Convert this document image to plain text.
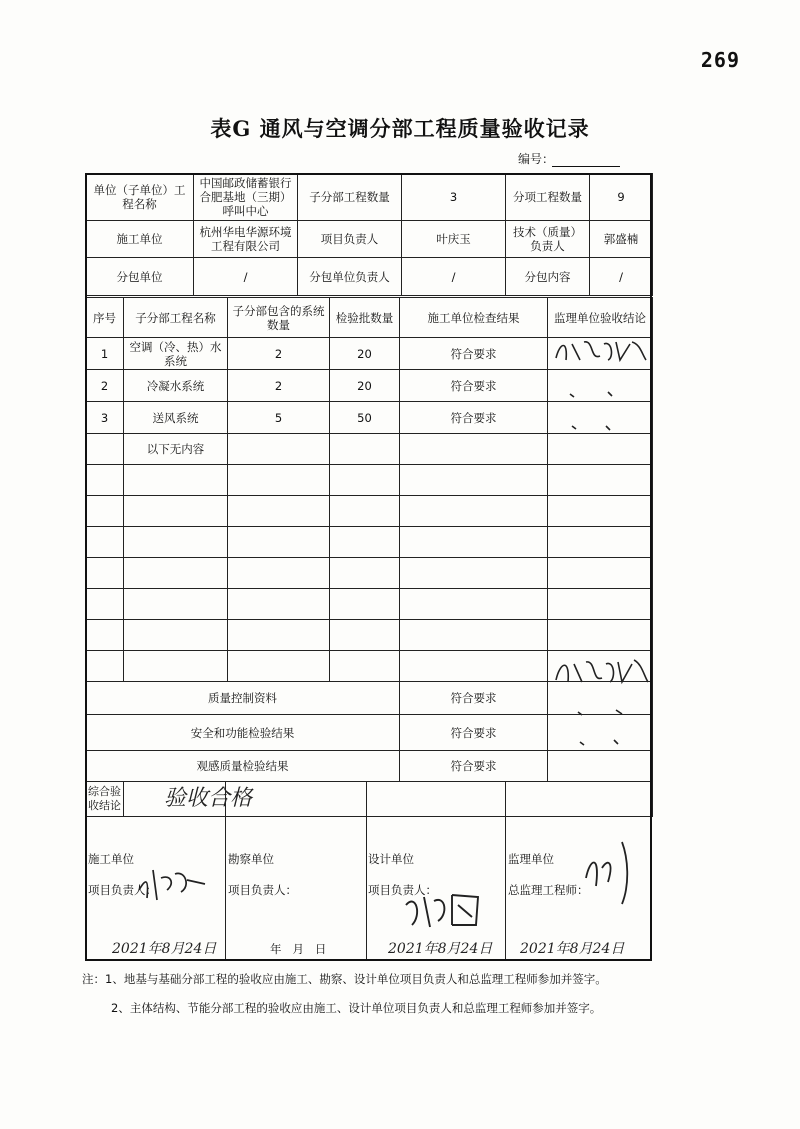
269
表G 通风与空调分部工程质量验收记录
编号：
单位（子单位）工程名称	中国邮政储蓄银行合肥基地（三期）呼叫中心	子分部工程数量	3	分项工程数量	9
施工单位	杭州华电华源环境工程有限公司	项目负责人	叶庆玉	技术（质量）负责人	郭盛楠
分包单位	/	分包单位负责人	/	分包内容	/
序号	子分部工程名称	子分部包含的系统数量	检验批数量	施工单位检查结果	监理单位验收结论
1	空调（冷、热）水系统	2	20	符合要求	
2	冷凝水系统	2	20	符合要求	
3	送风系统	5	50	符合要求	
	以下无内容				

质量控制资料				符合要求	
安全和功能检验结果				符合要求	
观感质量检验结果				符合要求	
综合验收结论	验收合格				
施工单位
项目负责人：
2021年8月24日
勘察单位
项目负责人：
年   月   日
设计单位
项目负责人：
2021年8月24日
监理单位
总监理工程师：
2021年8月24日
注：1、地基与基础分部工程的验收应由施工、勘察、设计单位项目负责人和总监理工程师参加并签字。
2、主体结构、节能分部工程的验收应由施工、设计单位项目负责人和总监理工程师参加并签字。
